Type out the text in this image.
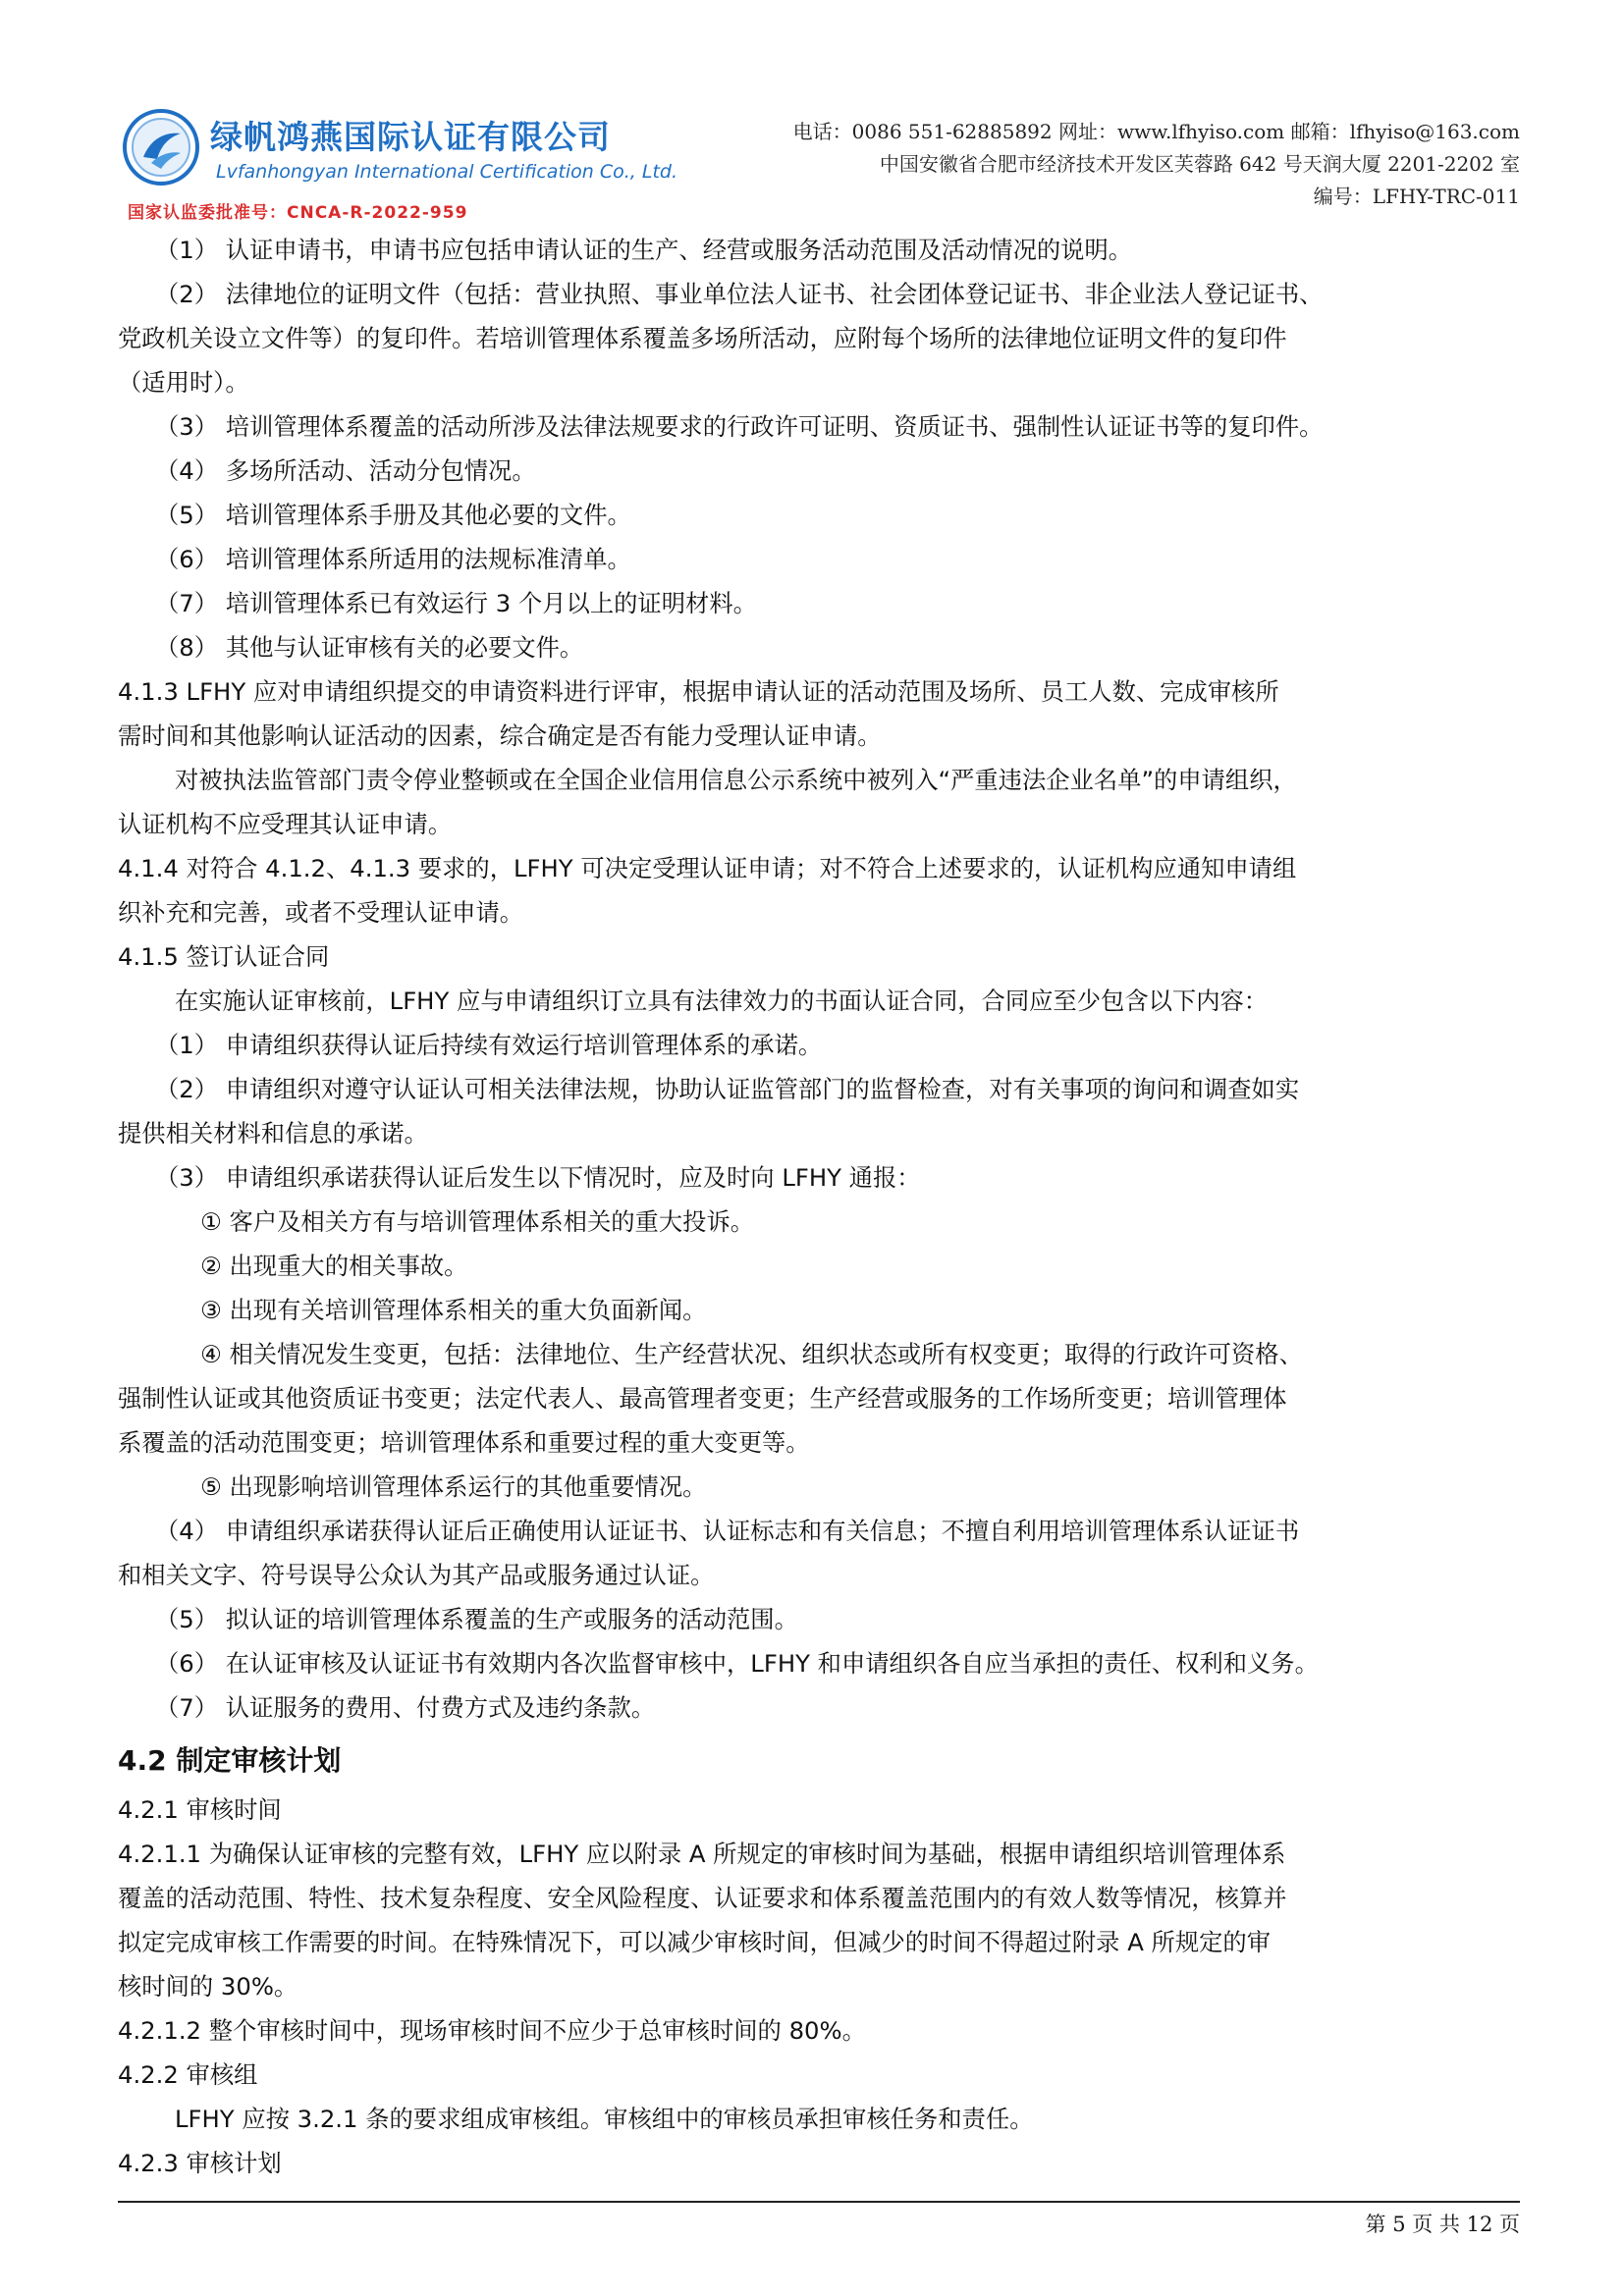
绿帆鸿燕国际认证有限公司
Lvfanhongyan International Certification Co., Ltd.
国家认监委批准号：CNCA-R-2022-959
电话：0086 551-62885892 网址：www.lfhyiso.com 邮箱：lfhyiso@163.com
中国安徽省合肥市经济技术开发区芙蓉路 642 号天润大厦 2201-2202 室
编号：LFHY-TRC-011
（1） 认证申请书，申请书应包括申请认证的生产、经营或服务活动范围及活动情况的说明。
（2） 法律地位的证明文件（包括：营业执照、事业单位法人证书、社会团体登记证书、非企业法人登记证书、
党政机关设立文件等）的复印件。若培训管理体系覆盖多场所活动，应附每个场所的法律地位证明文件的复印件
（适用时）。
（3） 培训管理体系覆盖的活动所涉及法律法规要求的行政许可证明、资质证书、强制性认证证书等的复印件。
（4） 多场所活动、活动分包情况。
（5） 培训管理体系手册及其他必要的文件。
（6） 培训管理体系所适用的法规标准清单。
（7） 培训管理体系已有效运行 3 个月以上的证明材料。
（8） 其他与认证审核有关的必要文件。
4.1.3 LFHY 应对申请组织提交的申请资料进行评审，根据申请认证的活动范围及场所、员工人数、完成审核所
需时间和其他影响认证活动的因素，综合确定是否有能力受理认证申请。
对被执法监管部门责令停业整顿或在全国企业信用信息公示系统中被列入“严重违法企业名单”的申请组织，
认证机构不应受理其认证申请。
4.1.4 对符合 4.1.2、4.1.3 要求的，LFHY 可决定受理认证申请；对不符合上述要求的，认证机构应通知申请组
织补充和完善，或者不受理认证申请。
4.1.5 签订认证合同
在实施认证审核前，LFHY 应与申请组织订立具有法律效力的书面认证合同，合同应至少包含以下内容：
（1） 申请组织获得认证后持续有效运行培训管理体系的承诺。
（2） 申请组织对遵守认证认可相关法律法规，协助认证监管部门的监督检查，对有关事项的询问和调查如实
提供相关材料和信息的承诺。
（3） 申请组织承诺获得认证后发生以下情况时，应及时向 LFHY 通报：
① 客户及相关方有与培训管理体系相关的重大投诉。
② 出现重大的相关事故。
③ 出现有关培训管理体系相关的重大负面新闻。
④ 相关情况发生变更，包括：法律地位、生产经营状况、组织状态或所有权变更；取得的行政许可资格、
强制性认证或其他资质证书变更；法定代表人、最高管理者变更；生产经营或服务的工作场所变更；培训管理体
系覆盖的活动范围变更；培训管理体系和重要过程的重大变更等。
⑤ 出现影响培训管理体系运行的其他重要情况。
（4） 申请组织承诺获得认证后正确使用认证证书、认证标志和有关信息；不擅自利用培训管理体系认证证书
和相关文字、符号误导公众认为其产品或服务通过认证。
（5） 拟认证的培训管理体系覆盖的生产或服务的活动范围。
（6） 在认证审核及认证证书有效期内各次监督审核中，LFHY 和申请组织各自应当承担的责任、权利和义务。
（7） 认证服务的费用、付费方式及违约条款。
4.2 制定审核计划
4.2.1 审核时间
4.2.1.1 为确保认证审核的完整有效，LFHY 应以附录 A 所规定的审核时间为基础，根据申请组织培训管理体系
覆盖的活动范围、特性、技术复杂程度、安全风险程度、认证要求和体系覆盖范围内的有效人数等情况，核算并
拟定完成审核工作需要的时间。在特殊情况下，可以减少审核时间，但减少的时间不得超过附录 A 所规定的审
核时间的 30%。
4.2.1.2 整个审核时间中，现场审核时间不应少于总审核时间的 80%。
4.2.2 审核组
LFHY 应按 3.2.1 条的要求组成审核组。审核组中的审核员承担审核任务和责任。
4.2.3 审核计划
第 5 页 共 12 页
